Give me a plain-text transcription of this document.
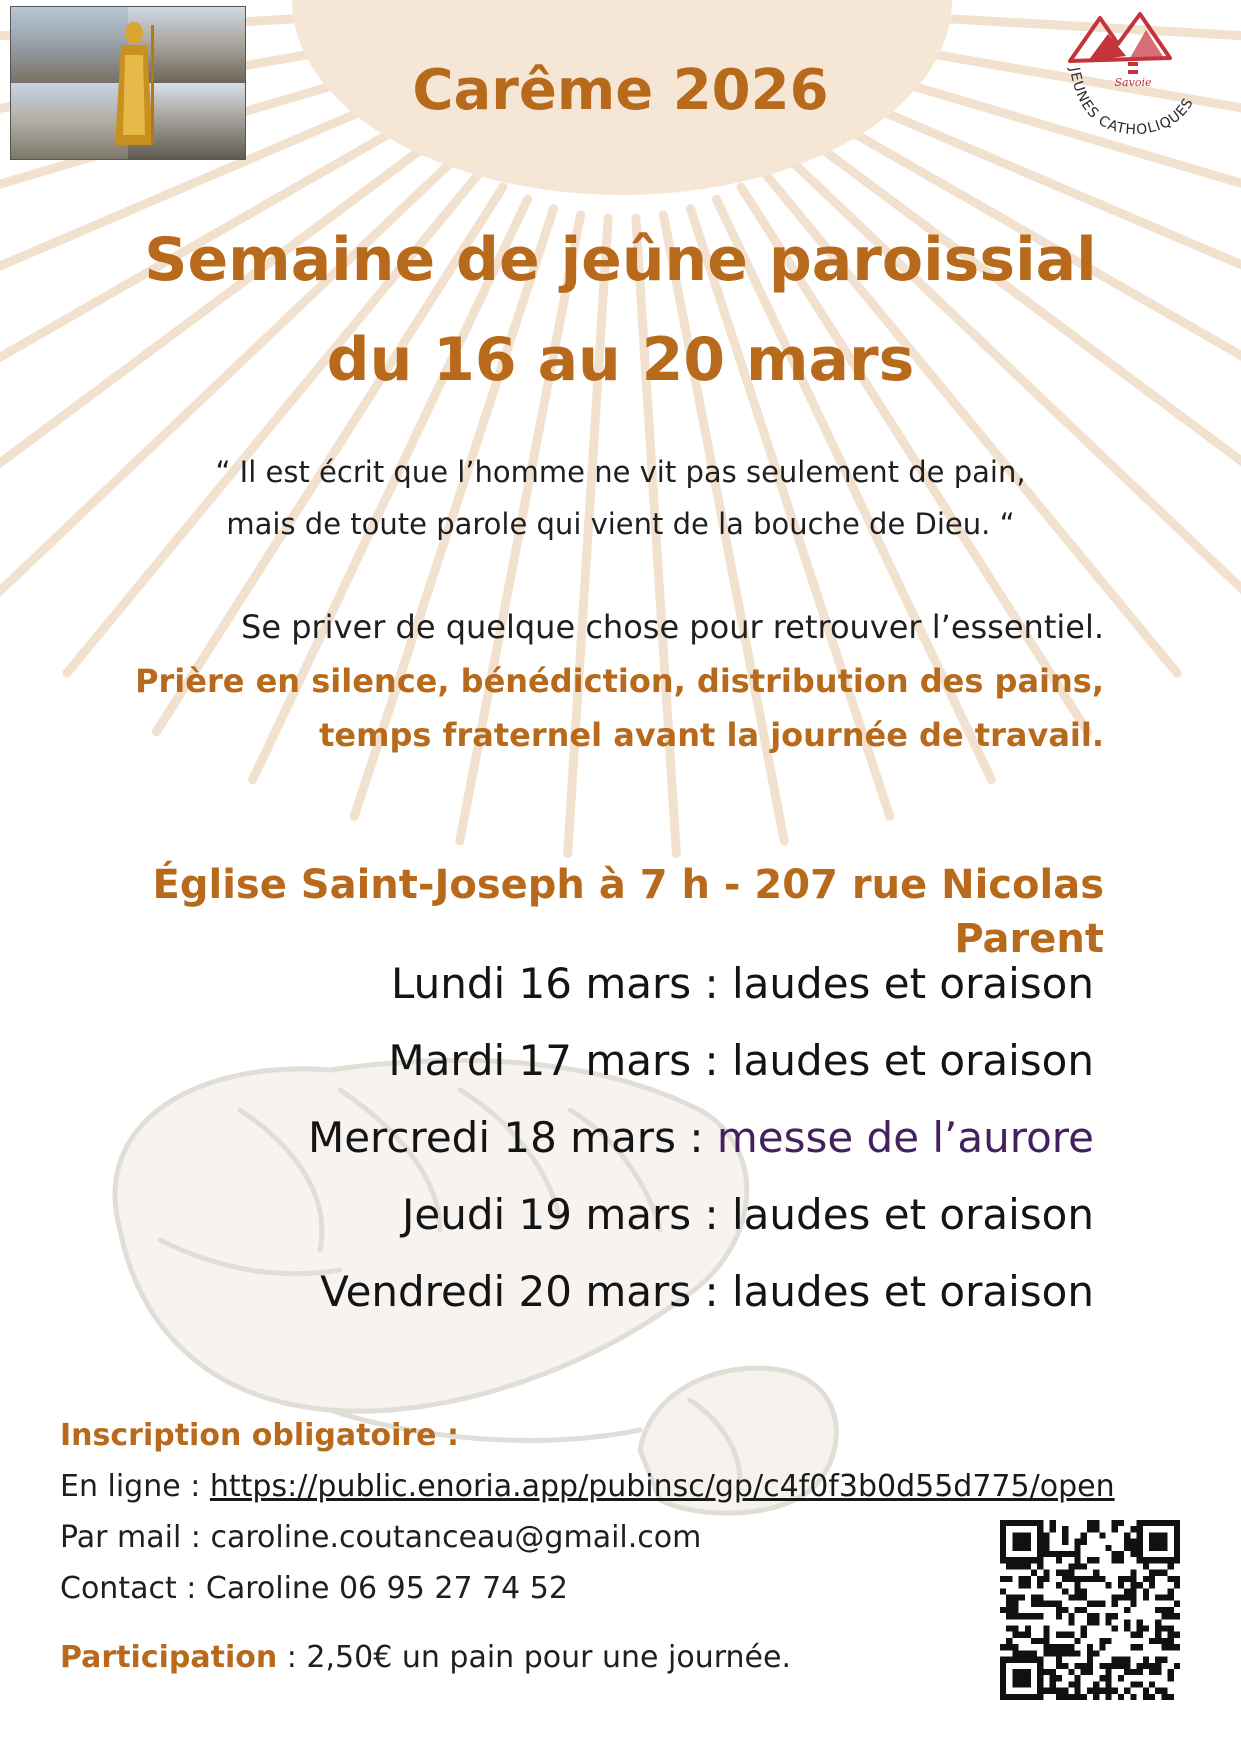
Savoie
JEUNES CATHOLIQUES
Carême 2026
Semaine de jeûne paroissial
du 16 au 20 mars
“ Il est écrit que l’homme ne vit pas seulement de pain,
mais de toute parole qui vient de la bouche de Dieu. “
Se priver de quelque chose pour retrouver l’essentiel.
Prière en silence, bénédiction, distribution des pains,
temps fraternel avant la journée de travail.
Église Saint-Joseph à 7 h - 207 rue Nicolas Parent
Lundi 16 mars : laudes et oraison
Mardi 17 mars : laudes et oraison
Mercredi 18 mars : messe de l’aurore
Jeudi 19 mars : laudes et oraison
Vendredi 20 mars : laudes et oraison
Inscription obligatoire :
En ligne : https://public.enoria.app/pubinsc/gp/c4f0f3b0d55d775/open
Par mail : caroline.coutanceau@gmail.com
Contact : Caroline 06 95 27 74 52
Participation : 2,50€ un pain pour une journée.
